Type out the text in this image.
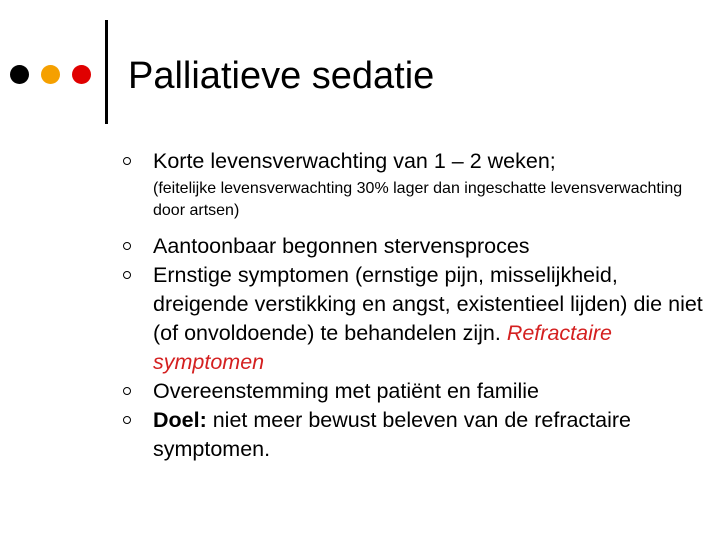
Palliatieve sedatie
Korte levensverwachting van 1 – 2 weken;
(feitelijke levensverwachting 30% lager dan ingeschatte levensverwachting door artsen)
Aantoonbaar begonnen stervensproces
Ernstige symptomen (ernstige pijn, misselijkheid, dreigende verstikking en angst, existentieel lijden) die niet (of onvoldoende) te behandelen zijn. Refractaire symptomen
Overeenstemming met patiënt en familie
Doel: niet meer bewust beleven van de refractaire symptomen.
